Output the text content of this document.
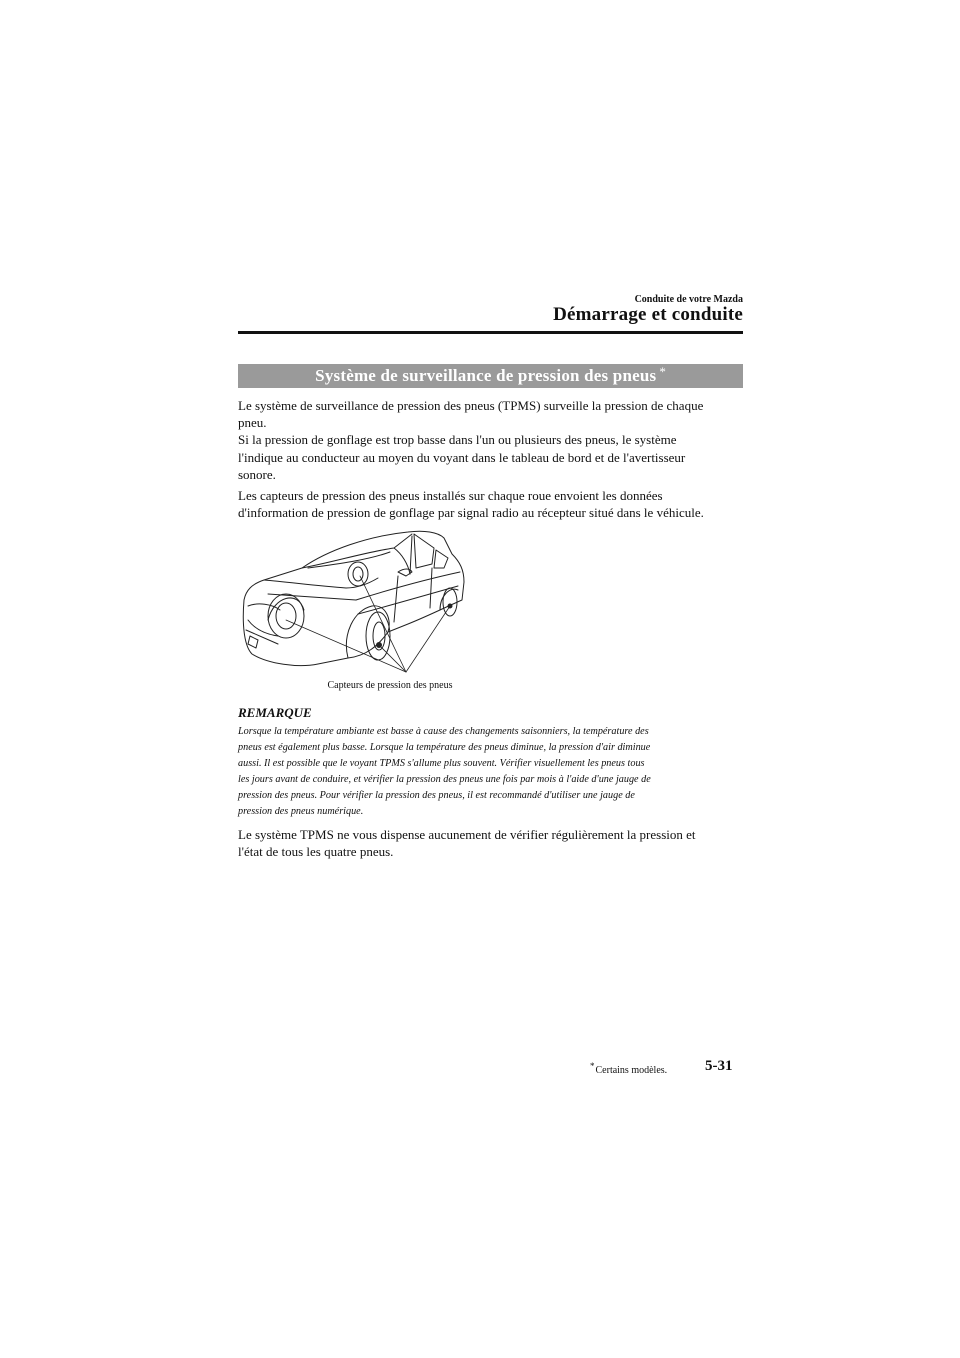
Conduite de votre Mazda
Démarrage et conduite
Système de surveillance de pression des pneus *
Le système de surveillance de pression des pneus (TPMS) surveille la pression de chaque
pneu.
Si la pression de gonflage est trop basse dans l'un ou plusieurs des pneus, le système
l'indique au conducteur au moyen du voyant dans le tableau de bord et de l'avertisseur
sonore.
Les capteurs de pression des pneus installés sur chaque roue envoient les données
d'information de pression de gonflage par signal radio au récepteur situé dans le véhicule.
Capteurs de pression des pneus
REMARQUE
Lorsque la température ambiante est basse à cause des changements saisonniers, la température des
pneus est également plus basse. Lorsque la température des pneus diminue, la pression d'air diminue
aussi. Il est possible que le voyant TPMS s'allume plus souvent. Vérifier visuellement les pneus tous
les jours avant de conduire, et vérifier la pression des pneus une fois par mois à l'aide d'une jauge de
pression des pneus. Pour vérifier la pression des pneus, il est recommandé d'utiliser une jauge de
pression des pneus numérique.
Le système TPMS ne vous dispense aucunement de vérifier régulièrement la pression et
l'état de tous les quatre pneus.
*Certains modèles.	5-31
